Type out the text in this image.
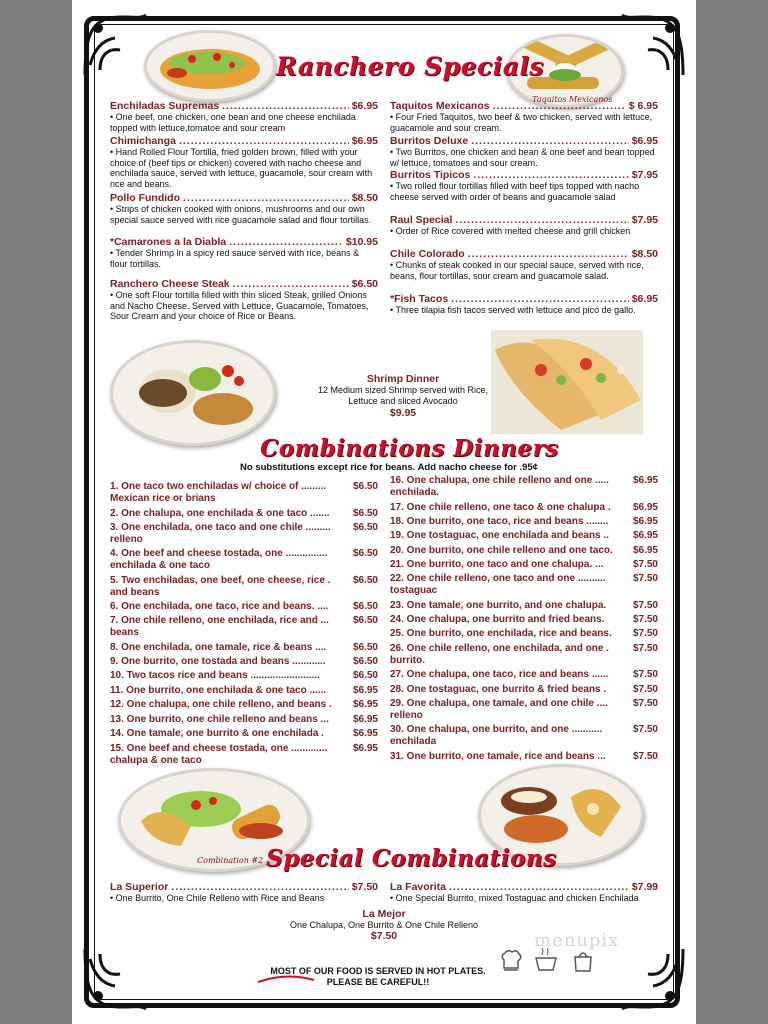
Taquitos Mexicanos
Ranchero Specials
Enchiladas Supremas .....	$6.95
• One beef, one chicken, one bean and one cheese enchilada topped with lettuce,tomatoe and sour cream
Chimichanga .....	$6.95
• Hand Rolled Flour Tortilla, fried golden brown, filled with your choice of (beef tips or chicken) covered with nacho cheese and enchilada sauce, served with lettuce, guacamole, sour cream with rice and beans.
Pollo Fundido .....	$8.50
• Strips of chicken cooked with onions, mushrooms and our own special sauce served with rice guacamole salad and flour tortillas.
*Camarones a la Diabla .....	$10.95
• Tender Shrimp in a spicy red sauce served with rice, beans & flour tortillas.
Ranchero Cheese Steak .....	$6.50
• One soft Flour tortilla filled with thin sliced Steak, grilled Onions and Nacho Cheese. Served with Lettuce, Guacamole, Tomatoes, Sour Cream and your choice of Rice or Beans.
Taquitos Mexicanos .....	$ 6.95
• Four Fried Taquitos, two beef & two chicken, served with lettuce, guacamole and sour cream.
Burritos Deluxe .....	$6.95
• Two Burritos, one chicken and bean & one beef and bean topped w/ lettuce, tomatoes and sour cream.
Burritos Tipicos .....	$7.95
• Two rolled flour tortillas filled with beef tips topped with nacho cheese served with order of beans and guacamole salad
Raul Special .....	$7.95
• Order of Rice covered with melted cheese and grill chicken
Chile Colorado .....	$8.50
• Chunks of steak cooked in our special sauce, served with rice, beans, flour tortillas, sour cream and guacamole salad.
*Fish Tacos .....	$6.95
• Three tilapia fish tacos served with lettuce and pico de gallo.
Shrimp Dinner
12 Medium sized Shrimp served with Rice, Lettuce and sliced Avocado
$9.95
Combinations Dinners
No substitutions except rice for beans. Add nacho cheese for .95¢
1. One taco two enchiladas w/ choice of .........	$6.50
Mexican rice or brians
2. One chalupa, one enchilada & one taco ....... $6.50
3. One enchilada, one taco and one chile ......... $6.50
relleno
4. One beef and cheese tostada, one ...............	$6.50
enchilada & one taco
5. Two enchiladas, one beef, one cheese, rice . $6.50
and beans
6. One enchilada, one taco, rice and beans. .... $6.50
7. One chile relleno, one enchilada, rice and ... $6.50
beans
8. One enchilada, one tamale, rice & beans ....	$6.50
9. One burrito, one tostada and beans ............	$6.50
10. Two tacos rice and beans .........................	$6.50
11. One burrito, one enchilada & one taco ......	$6.95
12. One chalupa, one chile relleno, and beans . $6.95
13. One burrito, one chile relleno and beans ... $6.95
14. One tamale, one burrito & one enchilada .	$6.95
15. One beef and cheese tostada, one .............	$6.95
chalupa & one taco
16. One chalupa, one chile relleno and one ..... $6.95
enchilada.
17. One chile relleno, one taco & one chalupa . $6.95
18. One burrito, one taco, rice and beans ........ $6.95
19. One tostaguac, one enchilada and beans .. $6.95
20. One burrito, one chile relleno and one taco. $6.95
21. One burrito, one taco and one chalupa. ...	$7.50
22. One chile relleno, one taco and one ..........	$7.50
tostaguac
23. One tamale, one burrito, and one chalupa.	$7.50
24. One chalupa, one burrito and fried beans.	$7.50
25. One burrito, one enchilada, rice and beans. $7.50
26. One chile relleno, one enchilada, and one . $7.50
burrito.
27. One chalupa, one taco, rice and beans ...... $7.50
28. One tostaguac, one burrito & fried beans .	$7.50
29. One chalupa, one tamale, and one chile ....	$7.50
relleno
30. One chalupa, one burrito, and one ...........	$7.50
enchilada
31. One burrito, one tamale, rice and beans ...	$7.50
Combination #2 Special Combinations
La Superior .....	$7.50
• One Burrito, One Chile Relleno with Rice and Beans
La Favorita .....	$7.99
• One Special Burrito, mixed Tostaguac and chicken Enchilada
La Mejor
One Chalupa, One Burrito & One Chile Relleno
$7.50
MOST OF OUR FOOD IS SERVED IN HOT PLATES.
PLEASE BE CAREFUL!!
menupix
